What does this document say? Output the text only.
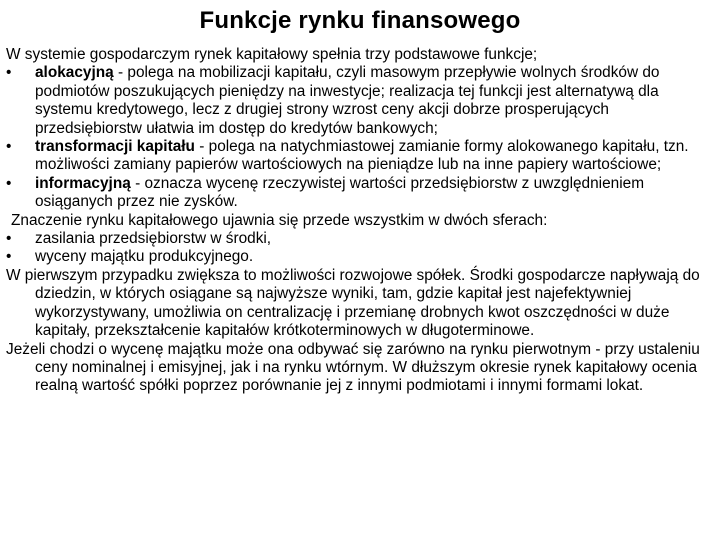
Funkcje rynku finansowego

W systemie gospodarczym rynek kapitałowy spełnia trzy podstawowe funkcje;

•	alokacyjną - polega na mobilizacji kapitału, czyli masowym przepływie wolnych środków do podmiotów poszukujących pieniędzy na inwestycje; realizacja tej funkcji jest alternatywą dla systemu kredytowego, lecz z drugiej strony wzrost ceny akcji dobrze prosperujących przedsiębiorstw ułatwia im dostęp do kredytów bankowych;
•	transformacji kapitału - polega na natychmiastowej zamianie formy alokowanego kapitału, tzn. możliwości zamiany papierów wartościowych na pieniądze lub na inne papiery wartościowe;
•	informacyjną - oznacza wycenę rzeczywistej wartości przedsiębiorstw z uwzględnieniem osiąganych przez nie zysków.

Znaczenie rynku kapitałowego ujawnia się przede wszystkim w dwóch sferach:

•	zasilania przedsiębiorstw w środki,
•	wyceny majątku produkcyjnego.

W pierwszym przypadku zwiększa to możliwości rozwojowe spółek. Środki gospodarcze napływają do dziedzin, w których osiągane są najwyższe wyniki, tam, gdzie kapitał jest najefektywniej wykorzystywany, umożliwia on centralizację i przemianę drobnych kwot oszczędności w duże kapitały, przekształcenie kapitałów krótkoterminowych w długoterminowe.

Jeżeli chodzi o wycenę majątku może ona odbywać się zarówno na rynku pierwotnym - przy ustaleniu ceny nominalnej i emisyjnej, jak i na rynku wtórnym. W dłuższym okresie rynek kapitałowy ocenia realną wartość spółki poprzez porównanie jej z innymi podmiotami i innymi formami lokat.
